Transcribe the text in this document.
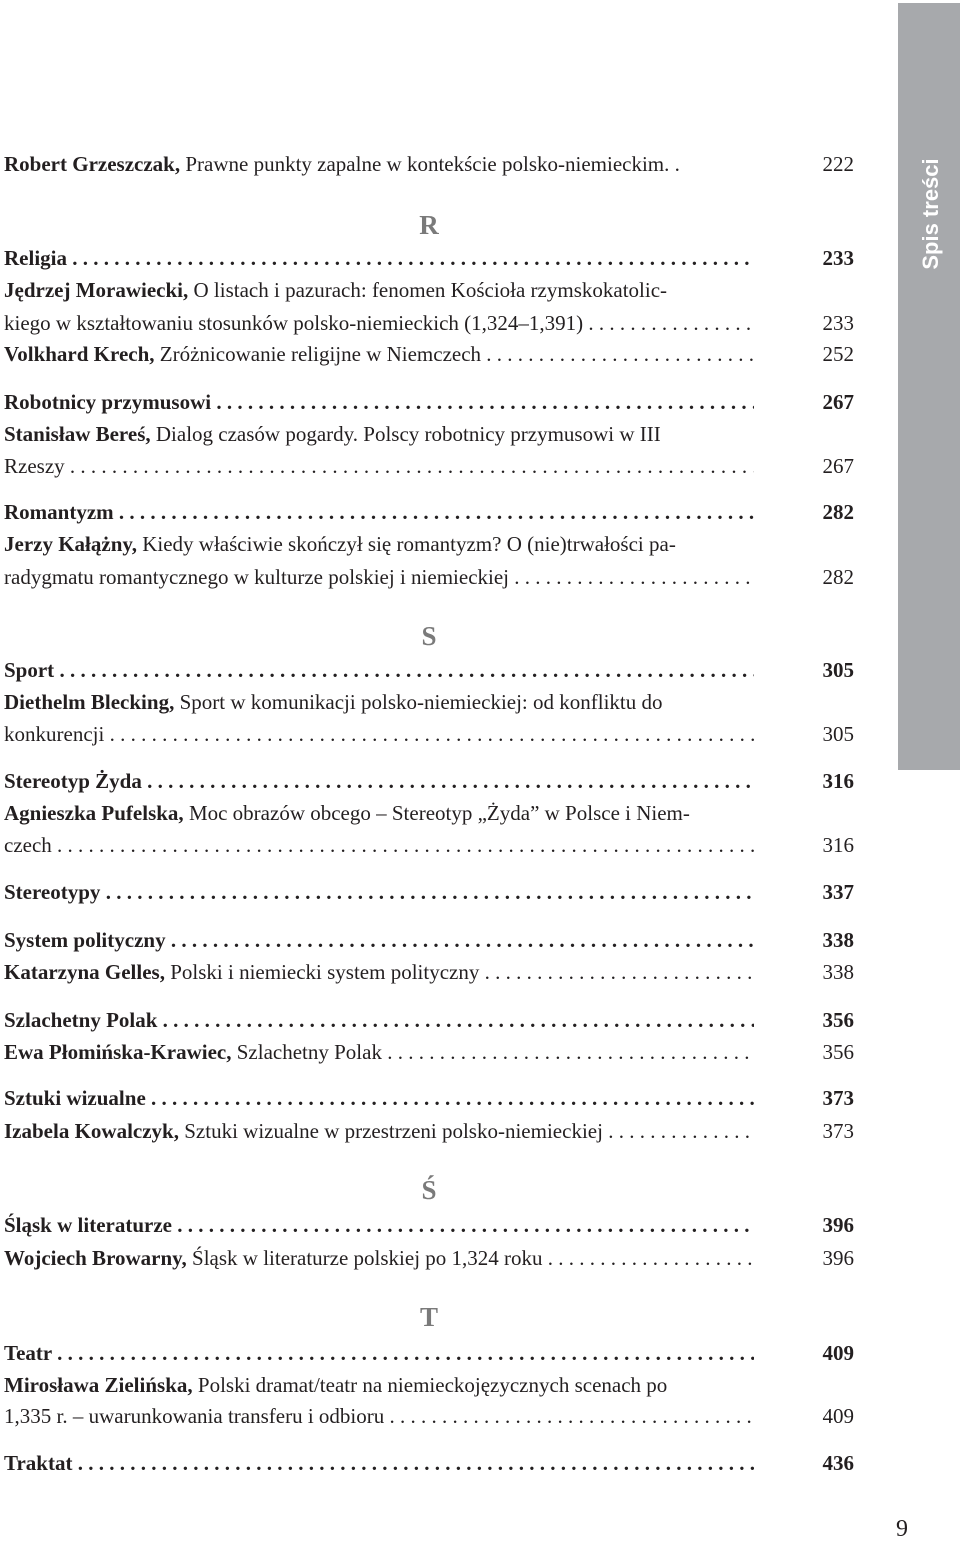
Spis treści
Robert Grzeszczak, Prawne punkty zapalne w kontekście polsko-niemieckim. .	222
R
Religia . . .	233
Jędrzej Morawiecki, O listach i pazurach: fenomen Kościoła rzymskokatolic-
kiego w kształtowaniu stosunków polsko-niemieckich (1,324–1,391) . . .	233
Volkhard Krech, Zróżnicowanie religijne w Niemczech . . .	252
Robotnicy przymusowi . . .	267
Stanisław Bereś, Dialog czasów pogardy. Polscy robotnicy przymusowi w III
Rzeszy . . .	267
Romantyzm . . .	282
Jerzy Kałążny, Kiedy właściwie skończył się romantyzm? O (nie)trwałości pa-
radygmatu romantycznego w kulturze polskiej i niemieckiej . . .	282
S
Sport . . .	305
Diethelm Blecking, Sport w komunikacji polsko-niemieckiej: od konfliktu do
konkurencji . . .	305
Stereotyp Żyda . . .	316
Agnieszka Pufelska, Moc obrazów obcego – Stereotyp „Żyda” w Polsce i Niem-
czech . . .	316
Stereotypy . . .	337
System polityczny . . .	338
Katarzyna Gelles, Polski i niemiecki system polityczny . . .	338
Szlachetny Polak . . .	356
Ewa Płomińska-Krawiec, Szlachetny Polak . . .	356
Sztuki wizualne . . .	373
Izabela Kowalczyk, Sztuki wizualne w przestrzeni polsko-niemieckiej . . .	373
Ś
Śląsk w literaturze . . .	396
Wojciech Browarny, Śląsk w literaturze polskiej po 1,324 roku . . .	396
T
Teatr . . .	409
Mirosława Zielińska, Polski dramat/teatr na niemieckojęzycznych scenach po
1,335 r. – uwarunkowania transferu i odbioru . . .	409
Traktat . . .	436
9
